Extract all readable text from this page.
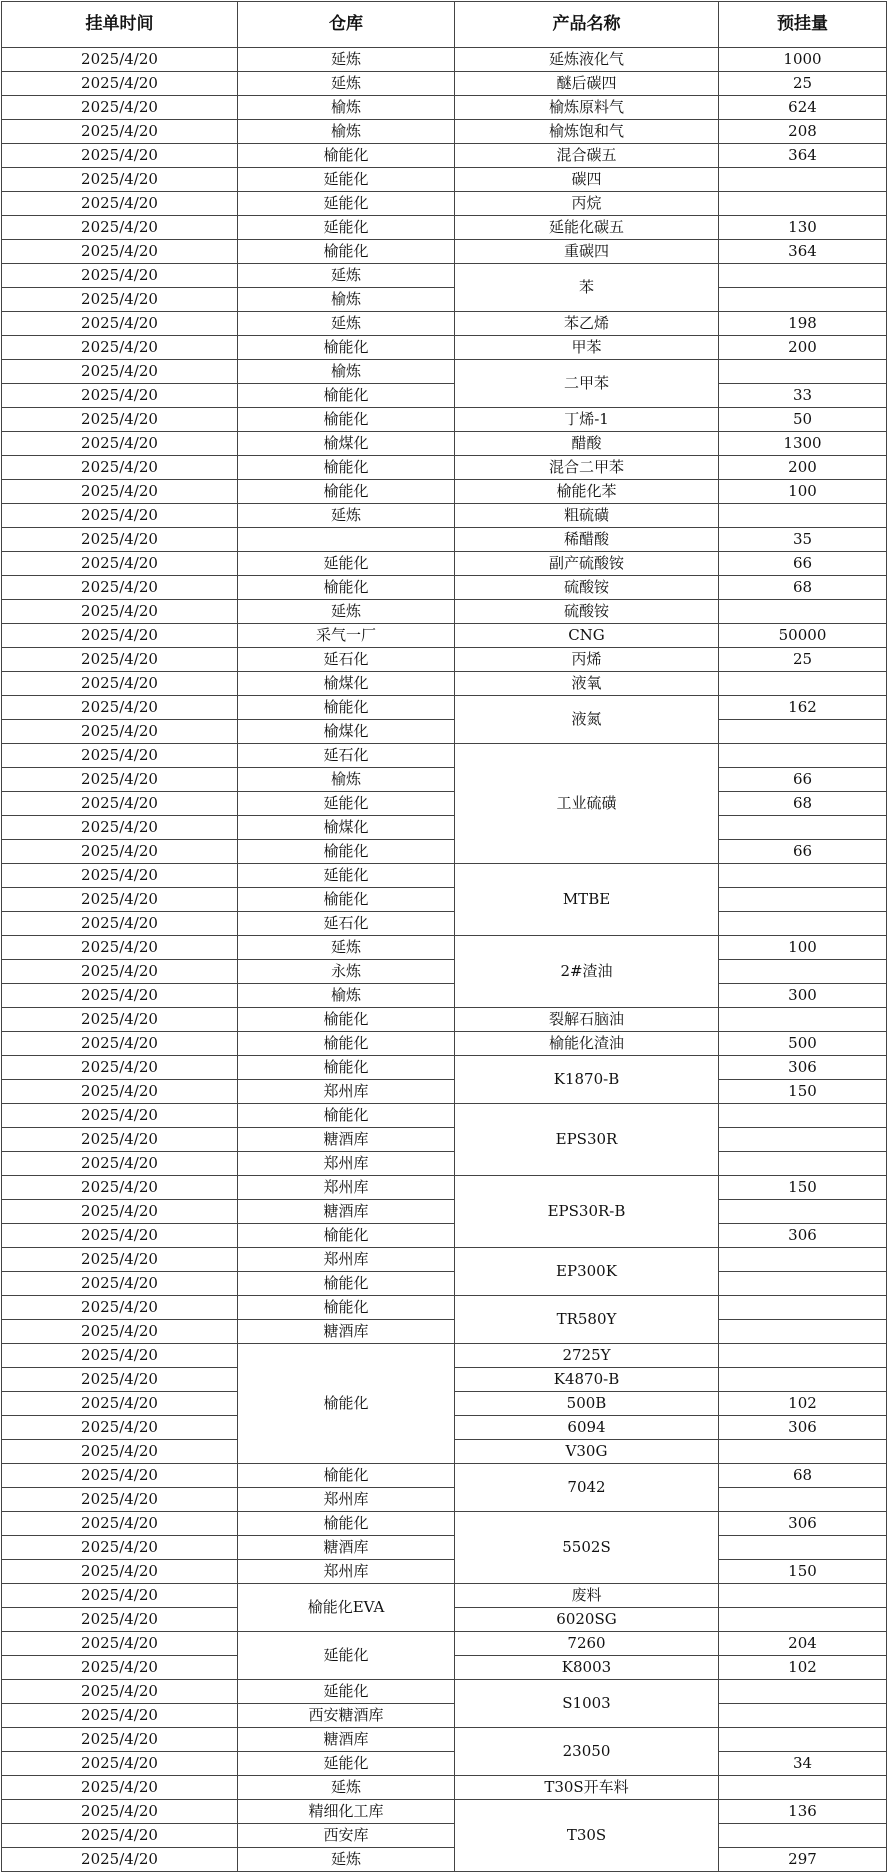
挂单时间	仓库	产品名称	预挂量
2025/4/20	延炼	延炼液化气	1000
2025/4/20	延炼	醚后碳四	25
2025/4/20	榆炼	榆炼原料气	624
2025/4/20	榆炼	榆炼饱和气	208
2025/4/20	榆能化	混合碳五	364
2025/4/20	延能化	碳四	
2025/4/20	延能化	丙烷	
2025/4/20	延能化	延能化碳五	130
2025/4/20	榆能化	重碳四	364
2025/4/20	延炼	苯	
2025/4/20	榆炼		
2025/4/20	延炼	苯乙烯	198
2025/4/20	榆能化	甲苯	200
2025/4/20	榆炼	二甲苯	
2025/4/20	榆能化		33
2025/4/20	榆能化	丁烯-1	50
2025/4/20	榆煤化	醋酸	1300
2025/4/20	榆能化	混合二甲苯	200
2025/4/20	榆能化	榆能化苯	100
2025/4/20	延炼	粗硫磺	
2025/4/20		稀醋酸	35
2025/4/20	延能化	副产硫酸铵	66
2025/4/20	榆能化	硫酸铵	68
2025/4/20	延炼	硫酸铵	
2025/4/20	采气一厂	CNG	50000
2025/4/20	延石化	丙烯	25
2025/4/20	榆煤化	液氧	
2025/4/20	榆能化	液氮	162
2025/4/20	榆煤化		
2025/4/20	延石化	工业硫磺	
2025/4/20	榆炼		66
2025/4/20	延能化		68
2025/4/20	榆煤化		
2025/4/20	榆能化		66
2025/4/20	延能化	MTBE	
2025/4/20	榆能化		
2025/4/20	延石化		
2025/4/20	延炼	2#渣油	100
2025/4/20	永炼		
2025/4/20	榆炼		300
2025/4/20	榆能化	裂解石脑油	
2025/4/20	榆能化	榆能化渣油	500
2025/4/20	榆能化	K1870-B	306
2025/4/20	郑州库		150
2025/4/20	榆能化	EPS30R	
2025/4/20	糖酒库		
2025/4/20	郑州库		
2025/4/20	郑州库	EPS30R-B	150
2025/4/20	糖酒库		
2025/4/20	榆能化		306
2025/4/20	郑州库	EP300K	
2025/4/20	榆能化		
2025/4/20	榆能化	TR580Y	
2025/4/20	糖酒库		
2025/4/20	榆能化	2725Y	
2025/4/20		K4870-B	
2025/4/20		500B	102
2025/4/20		6094	306
2025/4/20		V30G	
2025/4/20	榆能化	7042	68
2025/4/20	郑州库		
2025/4/20	榆能化	5502S	306
2025/4/20	糖酒库		
2025/4/20	郑州库		150
2025/4/20	榆能化EVA	废料	
2025/4/20		6020SG	
2025/4/20	延能化	7260	204
2025/4/20		K8003	102
2025/4/20	延能化	S1003	
2025/4/20	西安糖酒库		
2025/4/20	糖酒库	23050	
2025/4/20	延能化		34
2025/4/20	延炼	T30S开车料	
2025/4/20	精细化工库	T30S	136
2025/4/20	西安库		
2025/4/20	延炼		297
